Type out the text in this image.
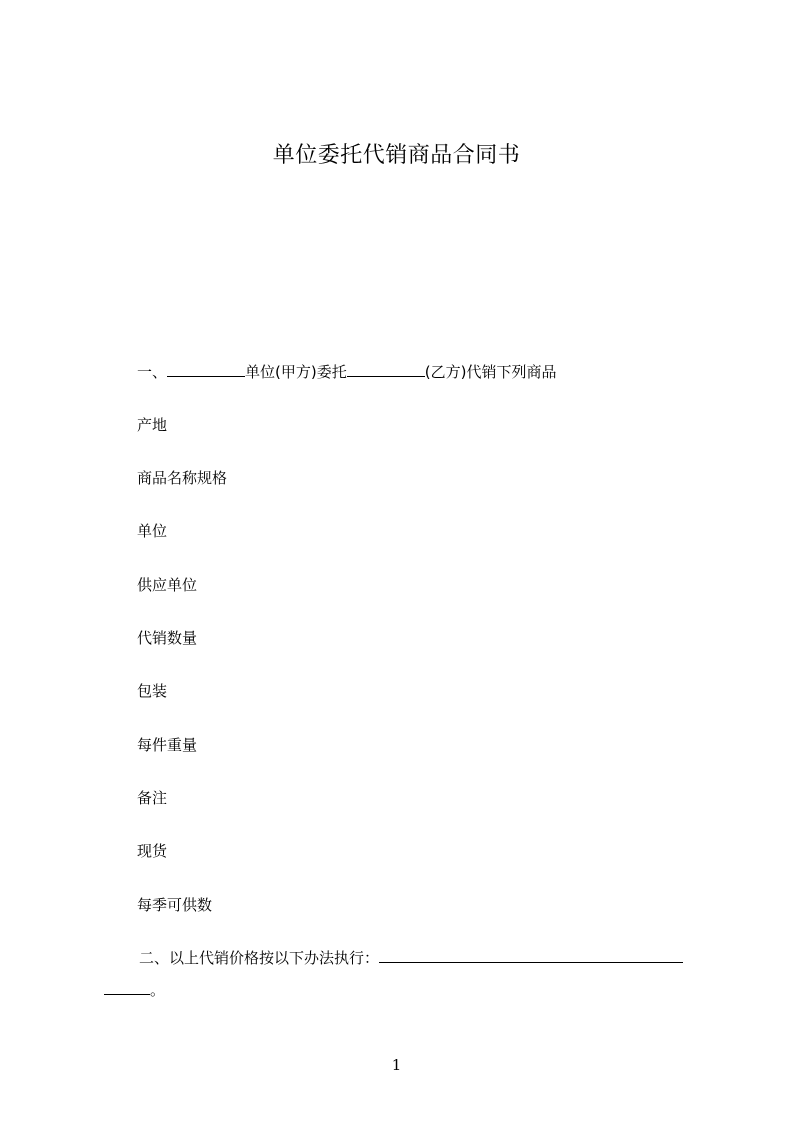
单位委托代销商品合同书
一、	单位(甲方)委托	(乙方)代销下列商品
产地
商品名称规格
单位
供应单位
代销数量
包装
每件重量
备注
现货
每季可供数
二、以上代销价格按以下办法执行：
。
1
